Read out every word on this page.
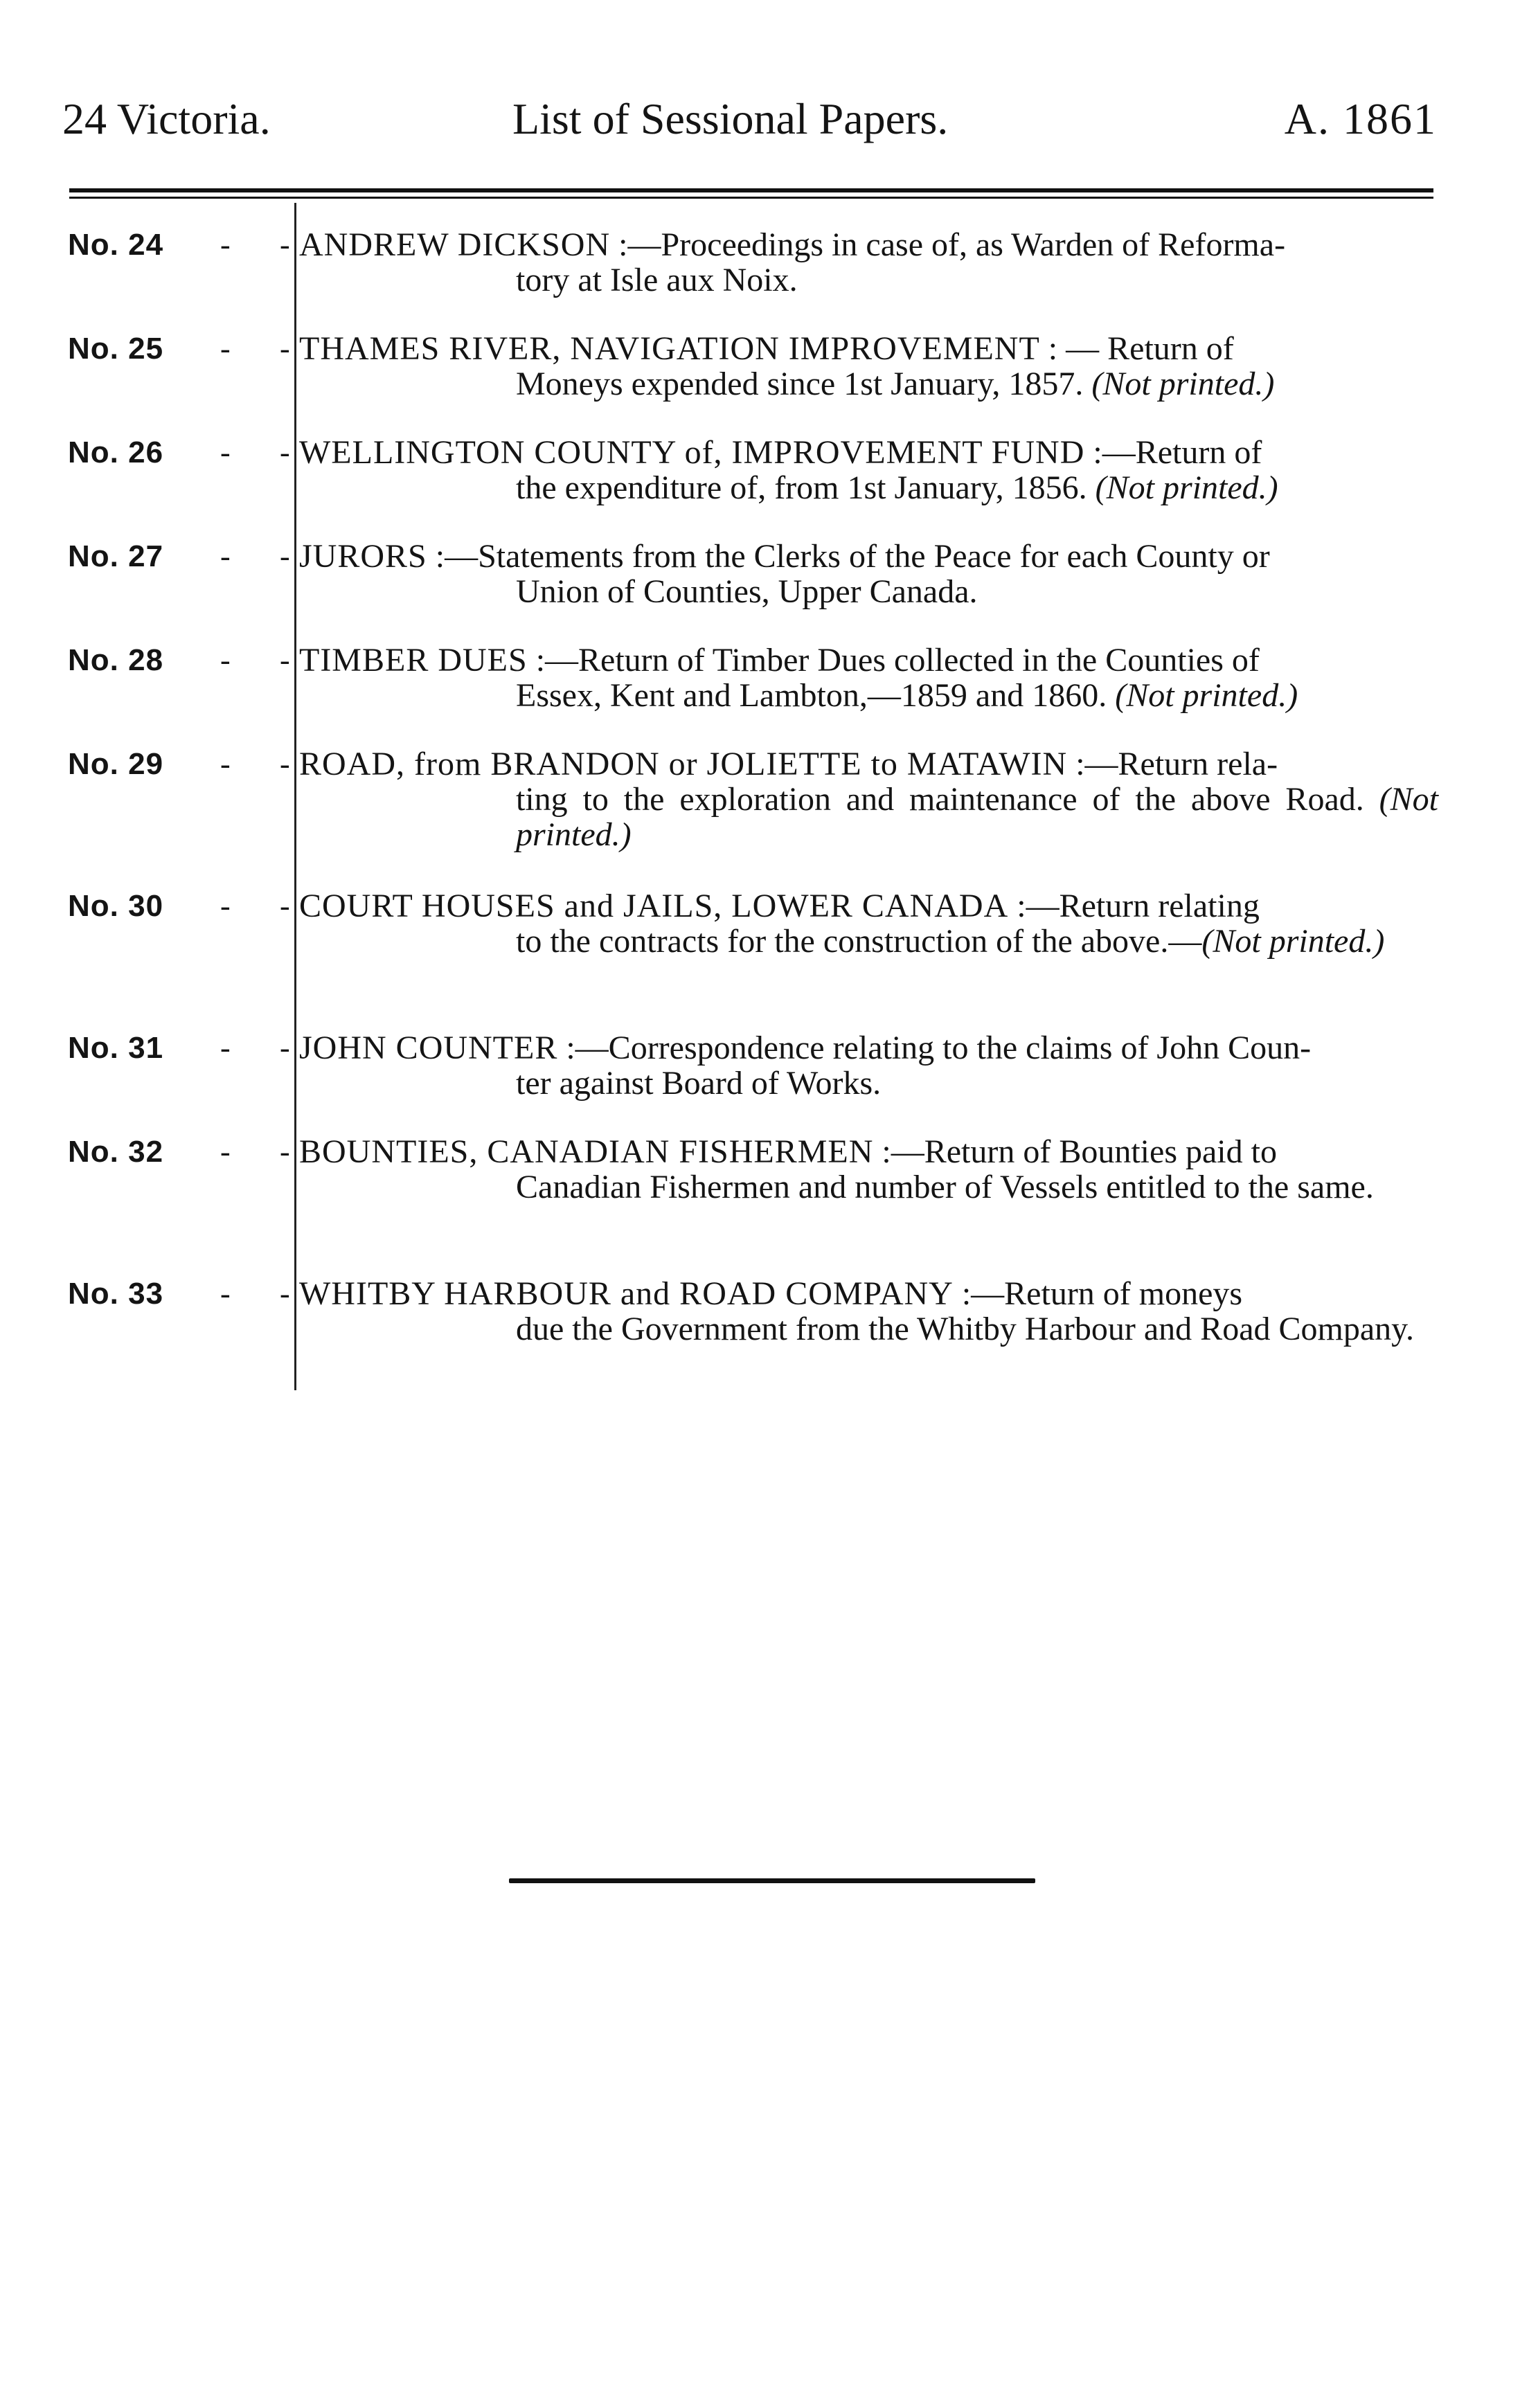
24 Victoria.	List of Sessional Papers.	A. 1861
No. 24 - - ANDREW DICKSON :—Proceedings in case of, as Warden of Reforma-
tory at Isle aux Noix.
No. 25 - - THAMES RIVER, NAVIGATION IMPROVEMENT : — Return of
Moneys expended since 1st January, 1857. (Not printed.)
No. 26 - - WELLINGTON COUNTY of, IMPROVEMENT FUND :—Return of
the expenditure of, from 1st January, 1856. (Not printed.)
No. 27 - - JURORS :—Statements from the Clerks of the Peace for each County or
Union of Counties, Upper Canada.
No. 28 - - TIMBER DUES :—Return of Timber Dues collected in the Counties of
Essex, Kent and Lambton,—1859 and 1860. (Not printed.)
No. 29 - - ROAD, from BRANDON or JOLIETTE to MATAWIN :—Return rela-
ting to the exploration and maintenance of the above Road. (Not printed.)
No. 30 - - COURT HOUSES and JAILS, LOWER CANADA :—Return relating
to the contracts for the construction of the above.—(Not printed.)
No. 31 - - JOHN COUNTER :—Correspondence relating to the claims of John Coun-
ter against Board of Works.
No. 32 - - BOUNTIES, CANADIAN FISHERMEN :—Return of Bounties paid to
Canadian Fishermen and number of Vessels entitled to the same.
No. 33 - - WHITBY HARBOUR and ROAD COMPANY :—Return of moneys
due the Government from the Whitby Harbour and Road Company.
